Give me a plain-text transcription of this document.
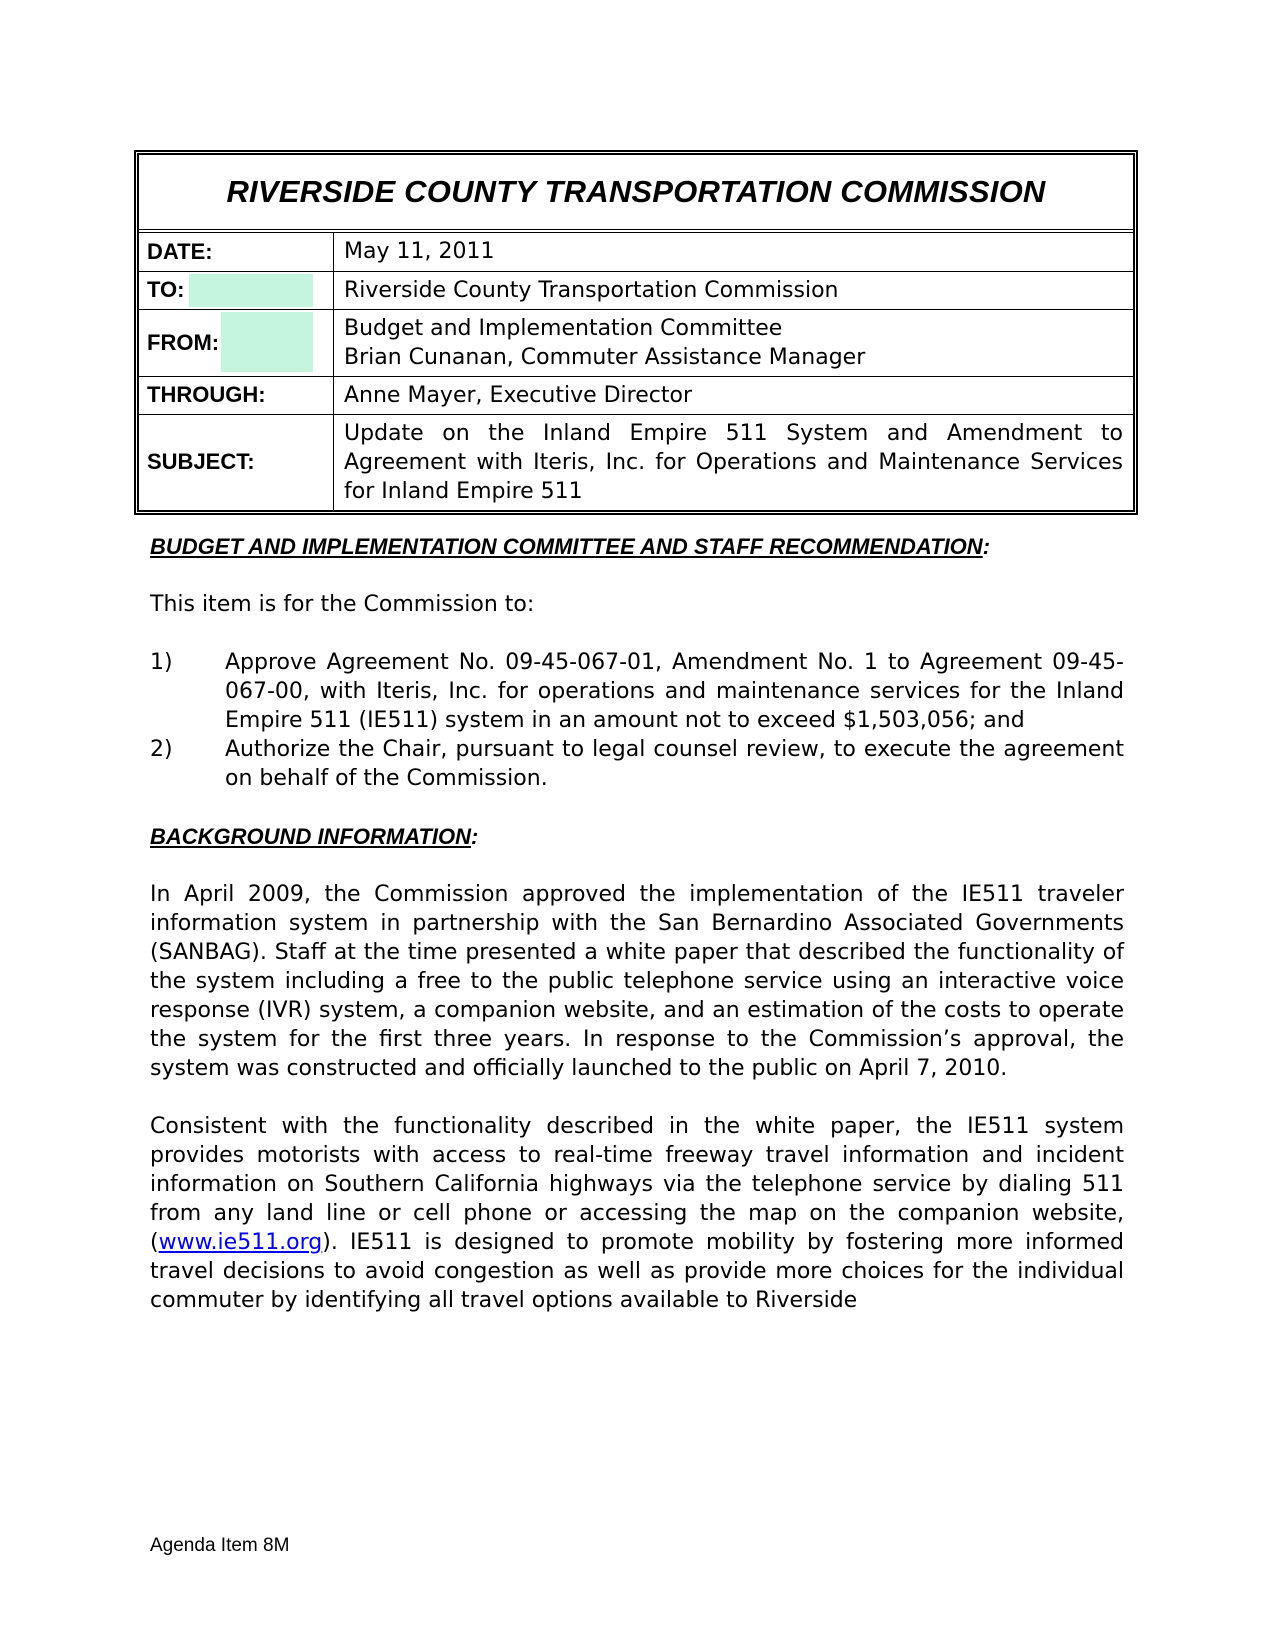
RIVERSIDE COUNTY TRANSPORTATION COMMISSION
DATE:	May 11, 2011

TO:	Riverside County Transportation Commission

FROM:	Budget and Implementation Committee
Brian Cunanan, Commuter Assistance Manager

THROUGH:	Anne Mayer, Executive Director
SUBJECT:	Update on the Inland Empire 511 System and Amendment to Agreement with Iteris, Inc. for Operations and Maintenance Services for Inland Empire 511
BUDGET AND IMPLEMENTATION COMMITTEE AND STAFF RECOMMENDATION:

This item is for the Commission to:

1)	Approve Agreement No. 09-45-067-01, Amendment No. 1 to Agreement 09-45-067-00, with Iteris, Inc. for operations and maintenance services for the Inland Empire 511 (IE511) system in an amount not to exceed $1,503,056; and
2)	Authorize the Chair, pursuant to legal counsel review, to execute the agreement on behalf of the Commission.
BACKGROUND INFORMATION:

In April 2009, the Commission approved the implementation of the IE511 traveler information system in partnership with the San Bernardino Associated Governments (SANBAG). Staff at the time presented a white paper that described the functionality of the system including a free to the public telephone service using an interactive voice response (IVR) system, a companion website, and an estimation of the costs to operate the system for the first three years. In response to the Commission’s approval, the system was constructed and officially launched to the public on April 7, 2010.

Consistent with the functionality described in the white paper, the IE511 system provides motorists with access to real-time freeway travel information and incident information on Southern California highways via the telephone service by dialing 511 from any land line or cell phone or accessing the map on the companion website, (www.ie511.org). IE511 is designed to promote mobility by fostering more informed travel decisions to avoid congestion as well as provide more choices for the individual commuter by identifying all travel options available to Riverside

Agenda Item 8M
